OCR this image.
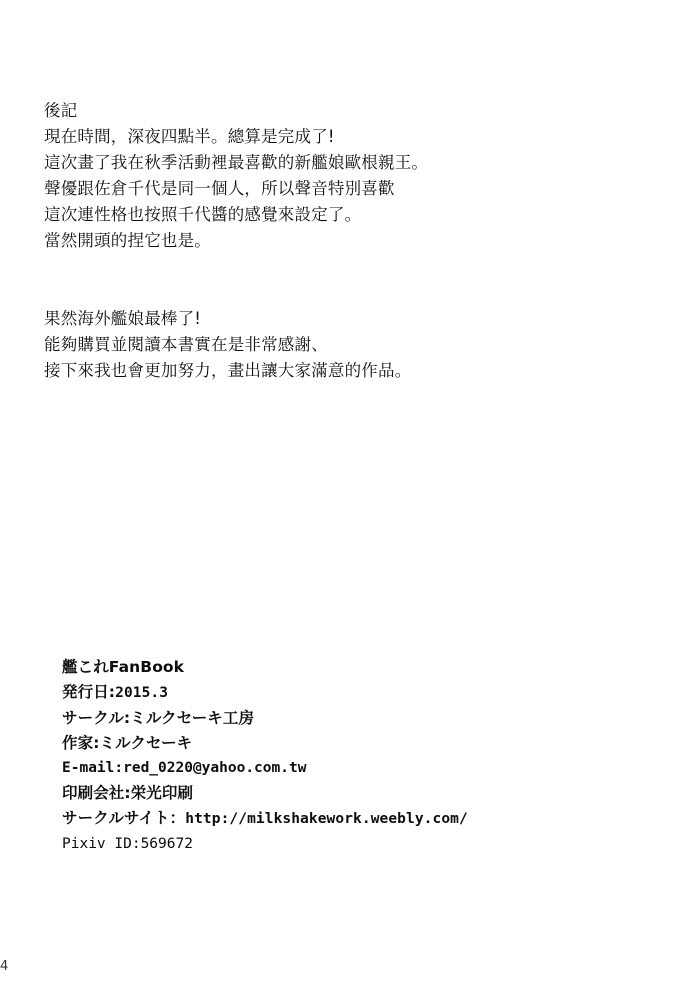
後記
現在時間，深夜四點半。總算是完成了!
這次畫了我在秋季活動裡最喜歡的新艦娘歐根親王。
聲優跟佐倉千代是同一個人，所以聲音特別喜歡
這次連性格也按照千代醬的感覺來設定了。
當然開頭的捏它也是。
果然海外艦娘最棒了!
能夠購買並閱讀本書實在是非常感謝、
接下來我也會更加努力，畫出讓大家滿意的作品。
艦これFanBook
発行日:2015.3
サークル:ミルクセーキ工房
作家:ミルクセーキ
E-mail:red_0220@yahoo.com.tw
印刷会社:栄光印刷
サークルサイト：http://milkshakework.weebly.com/
Pixiv ID:569672
4
